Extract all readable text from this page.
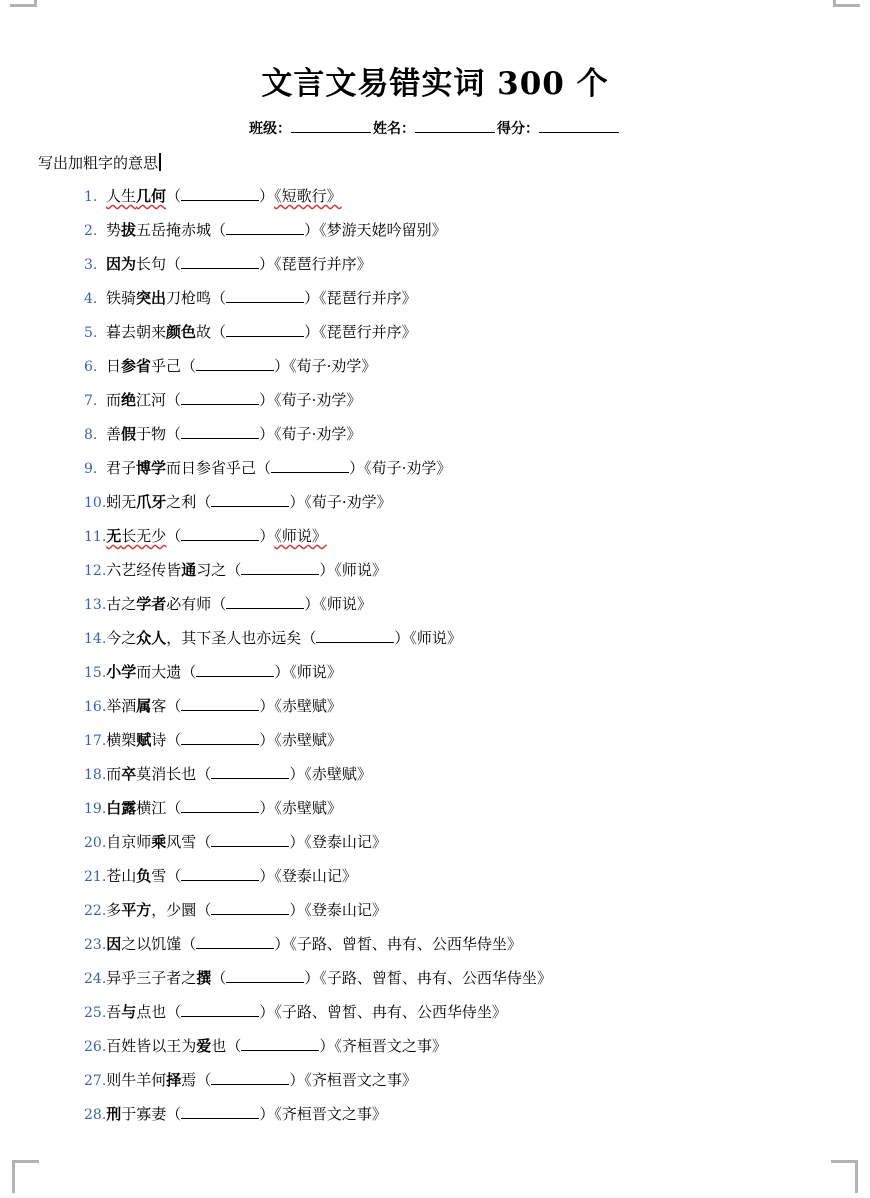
文言文易错实词 300 个
班级：	姓名：	得分：
写出加粗字的意思
1. 人生几何（	）《短歌行》
2. 势拔五岳掩赤城（	）《梦游天姥吟留别》
3. 因为长句（	）《琵琶行并序》
4. 铁骑突出刀枪鸣（	）《琵琶行并序》
5. 暮去朝来颜色故（	）《琵琶行并序》
6. 日参省乎己（	）《荀子·劝学》
7. 而绝江河（	）《荀子·劝学》
8. 善假于物（	）《荀子·劝学》
9. 君子博学而日参省乎己（	）《荀子·劝学》
10.蚓无爪牙之利（	）《荀子·劝学》
11.无长无少（	）《师说》
12.六艺经传皆通习之（	）《师说》
13.古之学者必有师（	）《师说》
14.今之众人，其下圣人也亦远矣（	）《师说》
15.小学而大遗（	）《师说》
16.举酒属客（	）《赤壁赋》
17.横槊赋诗（	）《赤壁赋》
18.而卒莫消长也（	）《赤壁赋》
19.白露横江（	）《赤壁赋》
20.自京师乘风雪（	）《登泰山记》
21.苍山负雪（	）《登泰山记》
22.多平方，少圜（	）《登泰山记》
23.因之以饥馑（	）《子路、曾皙、冉有、公西华侍坐》
24.异乎三子者之撰（	）《子路、曾皙、冉有、公西华侍坐》
25.吾与点也（	）《子路、曾皙、冉有、公西华侍坐》
26.百姓皆以王为爱也（	）《齐桓晋文之事》
27.则牛羊何择焉（	）《齐桓晋文之事》
28.刑于寡妻（	）《齐桓晋文之事》
